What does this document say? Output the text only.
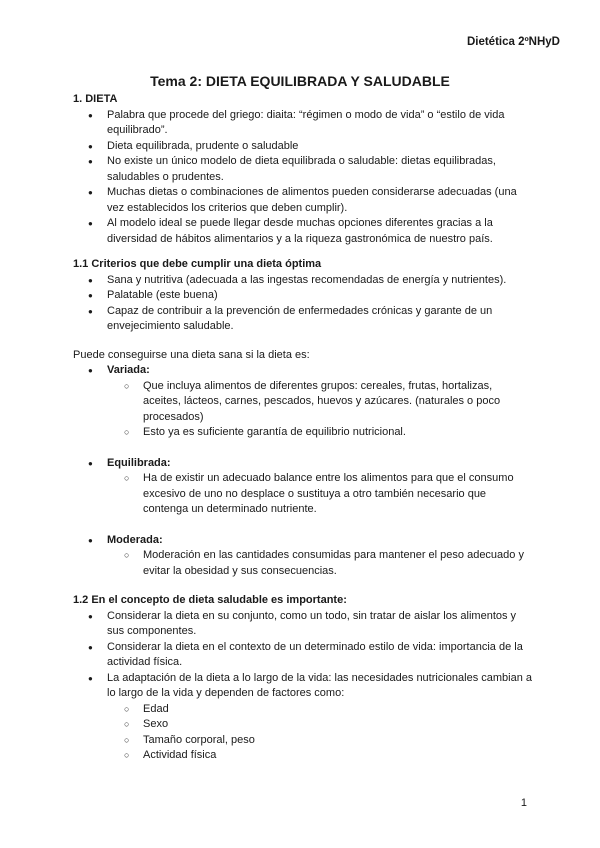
Dietética 2ºNHyD
Tema 2: DIETA EQUILIBRADA Y SALUDABLE

1. DIETA

● Palabra que procede del griego: diaita: “régimen o modo de vida” o “estilo de vida equilibrado”.
● Dieta equilibrada, prudente o saludable
● No existe un único modelo de dieta equilibrada o saludable: dietas equilibradas, saludables o prudentes.
● Muchas dietas o combinaciones de alimentos pueden considerarse adecuadas (una vez establecidos los criterios que deben cumplir).
● Al modelo ideal se puede llegar desde muchas opciones diferentes gracias a la diversidad de hábitos alimentarios y a la riqueza gastronómica de nuestro país.

1.1 Criterios que debe cumplir una dieta óptima

● Sana y nutritiva (adecuada a las ingestas recomendadas de energía y nutrientes).
● Palatable (este buena)
● Capaz de contribuir a la prevención de enfermedades crónicas y garante de un envejecimiento saludable.

Puede conseguirse una dieta sana si la dieta es:

● Variada:
○ Que incluya alimentos de diferentes grupos: cereales, frutas, hortalizas, aceites, lácteos, carnes, pescados, huevos y azúcares. (naturales o poco procesados)
○ Esto ya es suficiente garantía de equilibrio nutricional.
● Equilibrada:
○ Ha de existir un adecuado balance entre los alimentos para que el consumo excesivo de uno no desplace o sustituya a otro también necesario que contenga un determinado nutriente.
● Moderada:
○ Moderación en las cantidades consumidas para mantener el peso adecuado y evitar la obesidad y sus consecuencias.

1.2 En el concepto de dieta saludable es importante:

● Considerar la dieta en su conjunto, como un todo, sin tratar de aislar los alimentos y sus componentes.
● Considerar la dieta en el contexto de un determinado estilo de vida: importancia de la actividad física.
● La adaptación de la dieta a lo largo de la vida: las necesidades nutricionales cambian a lo largo de la vida y dependen de factores como:
○ Edad
○ Sexo
○ Tamaño corporal, peso
○ Actividad física
1
